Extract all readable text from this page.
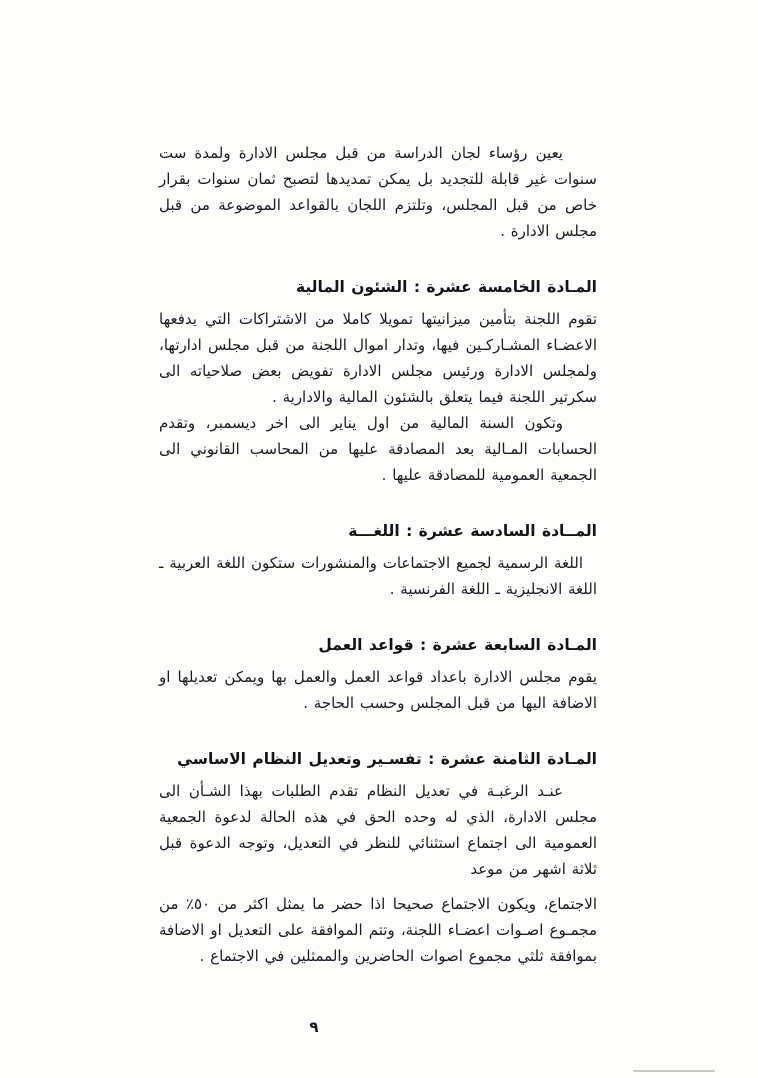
يعين رؤساء لجان الدراسة من قبل مجلس الادارة ولمدة ست سنوات غير قابلة للتجديد بل يمكن تمديدها لتصبح ثمان سنوات بقرار خاص من قبل المجلس، وتلتزم اللجان بالقواعد الموضوعة من قبل مجلس الادارة .

المـادة الخامسة عشرة : الشئون المالية

تقوم اللجنة بتأمين ميزانيتها تمويلا كاملا من الاشتراكات التي يدفعها الاعضـاء المشـاركـين فيها، وتدار اموال اللجنة من قبل مجلس ادارتها، ولمجلس الادارة ورئيس مجلس الادارة تفويض بعض صلاحياته الى سكرتير اللجنة فيما يتعلق بالشئون المالية والادارية .

وتكون السنة المالية من اول يناير الى اخر ديسمبر، وتقدم الحسابات المـالية بعد المصادقة عليها من المحاسب القانوني الى الجمعية العمومية للمصادقة عليها .

المــادة السادسة عشرة : اللغـــة

اللغة الرسمية لجميع الاجتماعات والمنشورات ستكون اللغة العربية ـ اللغة الانجليزية ـ اللغة الفرنسية .

المـادة السابعة عشرة : قواعد العمل

يقوم مجلس الادارة باعداد قواعد العمل والعمل بها ويمكن تعديلها او الاضافة اليها من قبل المجلس وحسب الحاجة .

المـادة الثامنة عشرة : تفسـير وتعديل النظام الاساسي

عنـد الرغبـة في تعديل النظام تقدم الطلبات بهذا الشـأن الى مجلس الادارة، الذي له وحده الحق في هذه الحالة لدعوة الجمعية العمومية الى اجتماع استثنائي للنظر في التعديل، وتوجه الدعوة قبل ثلاثة اشهر من موعد

الاجتماع، ويكون الاجتماع صحيحا اذا حضر ما يمثل اكثر من ٥٠٪ من مجمـوع اصـوات اعضـاء اللجنة، وتتم الموافقة على التعديل او الاضافة بموافقة ثلثي مجموع اصوات الحاضرين والممثلين في الاجتماع .

٩
